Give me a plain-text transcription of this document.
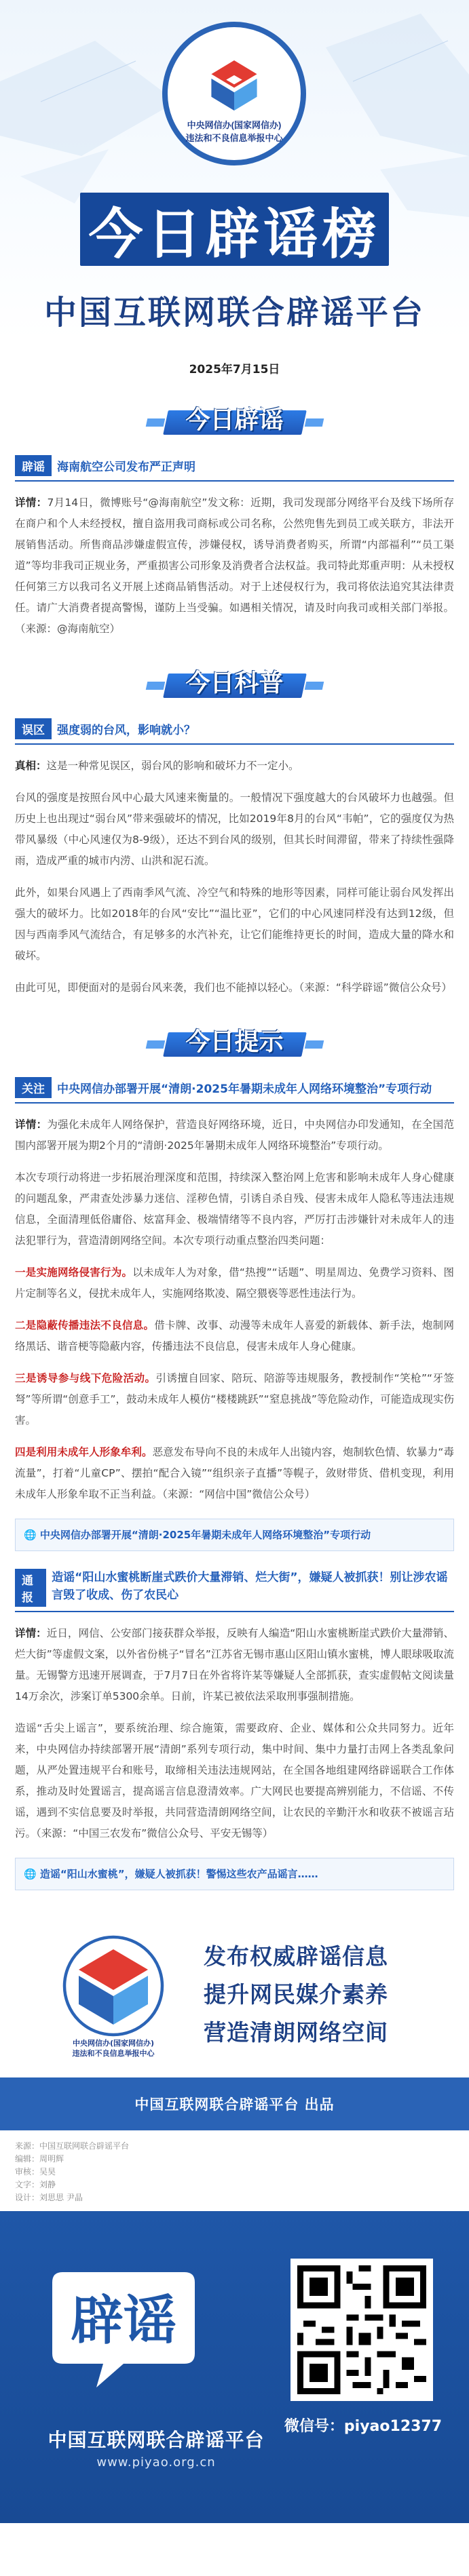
中央网信办(国家网信办)
违法和不良信息举报中心
今日辟谣榜
中国互联网联合辟谣平台
2025年7月15日
今日辟谣
辟谣	海南航空公司发布严正声明

详情：7月14日，微博账号“@海南航空”发文称：近期，我司发现部分网络平台及线下场所存在商户和个人未经授权，擅自盗用我司商标或公司名称，公然兜售先到员工或关联方，非法开展销售活动。所售商品涉嫌虚假宣传，涉嫌侵权，诱导消费者购买，所谓“内部福利”“员工渠道”等均非我司正规业务，严重损害公司形象及消费者合法权益。我司特此郑重声明：从未授权任何第三方以我司名义开展上述商品销售活动。对于上述侵权行为，我司将依法追究其法律责任。请广大消费者提高警惕，谨防上当受骗。如遇相关情况，请及时向我司或相关部门举报。（来源：@海南航空）

今日科普
误区	强度弱的台风，影响就小？

真相：这是一种常见误区，弱台风的影响和破坏力不一定小。

台风的强度是按照台风中心最大风速来衡量的。一般情况下强度越大的台风破坏力也越强。但历史上也出现过“弱台风”带来强破坏的情况，比如2019年8月的台风“韦帕”，它的强度仅为热带风暴级（中心风速仅为8-9级），还达不到台风的级别，但其长时间滞留，带来了持续性强降雨，造成严重的城市内涝、山洪和泥石流。

此外，如果台风遇上了西南季风气流、冷空气和特殊的地形等因素，同样可能让弱台风发挥出强大的破坏力。比如2018年的台风“安比”“温比亚”，它们的中心风速同样没有达到12级，但因与西南季风气流结合，有足够多的水汽补充，让它们能维持更长的时间，造成大量的降水和破坏。

由此可见，即便面对的是弱台风来袭，我们也不能掉以轻心。（来源：“科学辟谣”微信公众号）

今日提示
关注	中央网信办部署开展“清朗·2025年暑期未成年人网络环境整治”专项行动

详情：为强化未成年人网络保护，营造良好网络环境，近日，中央网信办印发通知，在全国范围内部署开展为期2个月的“清朗·2025年暑期未成年人网络环境整治”专项行动。

本次专项行动将进一步拓展治理深度和范围，持续深入整治网上危害和影响未成年人身心健康的问题乱象，严肃查处涉暴力迷信、淫秽色情，引诱自杀自残、侵害未成年人隐私等违法违规信息，全面清理低俗庸俗、炫富拜金、极端情绪等不良内容，严厉打击涉嫌针对未成年人的违法犯罪行为，营造清朗网络空间。本次专项行动重点整治四类问题：

一是实施网络侵害行为。以未成年人为对象，借“热搜”“话题”、明星周边、免费学习资料、图片定制等名义，侵扰未成年人，实施网络欺凌、隔空猥亵等恶性违法行为。

二是隐蔽传播违法不良信息。借卡牌、改事、动漫等未成年人喜爱的新载体、新手法，炮制网络黑话、谐音梗等隐蔽内容，传播违法不良信息，侵害未成年人身心健康。

三是诱导参与线下危险活动。引诱擅自回家、陪玩、陪游等违规服务，教授制作“笑枪”“牙签弩”等所谓“创意手工”，鼓动未成年人模仿“楼楼跳跃”“窒息挑战”等危险动作，可能造成现实伤害。

四是利用未成年人形象牟利。恶意发布导向不良的未成年人出镜内容，炮制软色情、软暴力“毒流量”，打着“儿童CP”、摆拍“配合入镜”“组织亲子直播”等幌子，敛财带货、借机变现，利用未成年人形象牟取不正当利益。（来源：“网信中国”微信公众号）

🌐 中央网信办部署开展“清朗·2025年暑期未成年人网络环境整治”专项行动
通报
造谣“阳山水蜜桃断崖式跌价大量滞销、烂大街”，嫌疑人被抓获！别让涉农谣言毁了收成、伤了农民心

详情：近日，网信、公安部门接获群众举报，反映有人编造“阳山水蜜桃断崖式跌价大量滞销、烂大街”等虚假文案，以外省份桃子“冒名”江苏省无锡市惠山区阳山镇水蜜桃，博人眼球吸取流量。无锡警方迅速开展调查，于7月7日在外省将许某等嫌疑人全部抓获，查实虚假帖文阅读量14万余次，涉案订单5300余单。日前，许某已被依法采取刑事强制措施。

造谣“舌尖上谣言”，要系统治理、综合施策，需要政府、企业、媒体和公众共同努力。近年来，中央网信办持续部署开展“清朗”系列专项行动，集中时间、集中力量打击网上各类乱象问题，从严处置违规平台和账号，取缔相关违法违规网站，在全国各地组建网络辟谣联合工作体系，推动及时处置谣言，提高谣言信息澄清效率。广大网民也要提高辨别能力，不信谣、不传谣，遇到不实信息要及时举报，共同营造清朗网络空间，让农民的辛勤汗水和收获不被谣言玷污。（来源：“中国三农发布”微信公众号、平安无锡等）

🌐 造谣“阳山水蜜桃”，嫌疑人被抓获！警惕这些农产品谣言……
中央网信办(国家网信办)
违法和不良信息举报中心
发布权威辟谣信息
提升网民媒介素养
营造清朗网络空间
中国互联网联合辟谣平台 出品
来源：中国互联网联合辟谣平台
编辑：周明辉
审核：吴昊
文字：刘静
设计：刘思思 尹晶
辟谣
中国互联网联合辟谣平台
www.piyao.org.cn
微信号：piyao12377
